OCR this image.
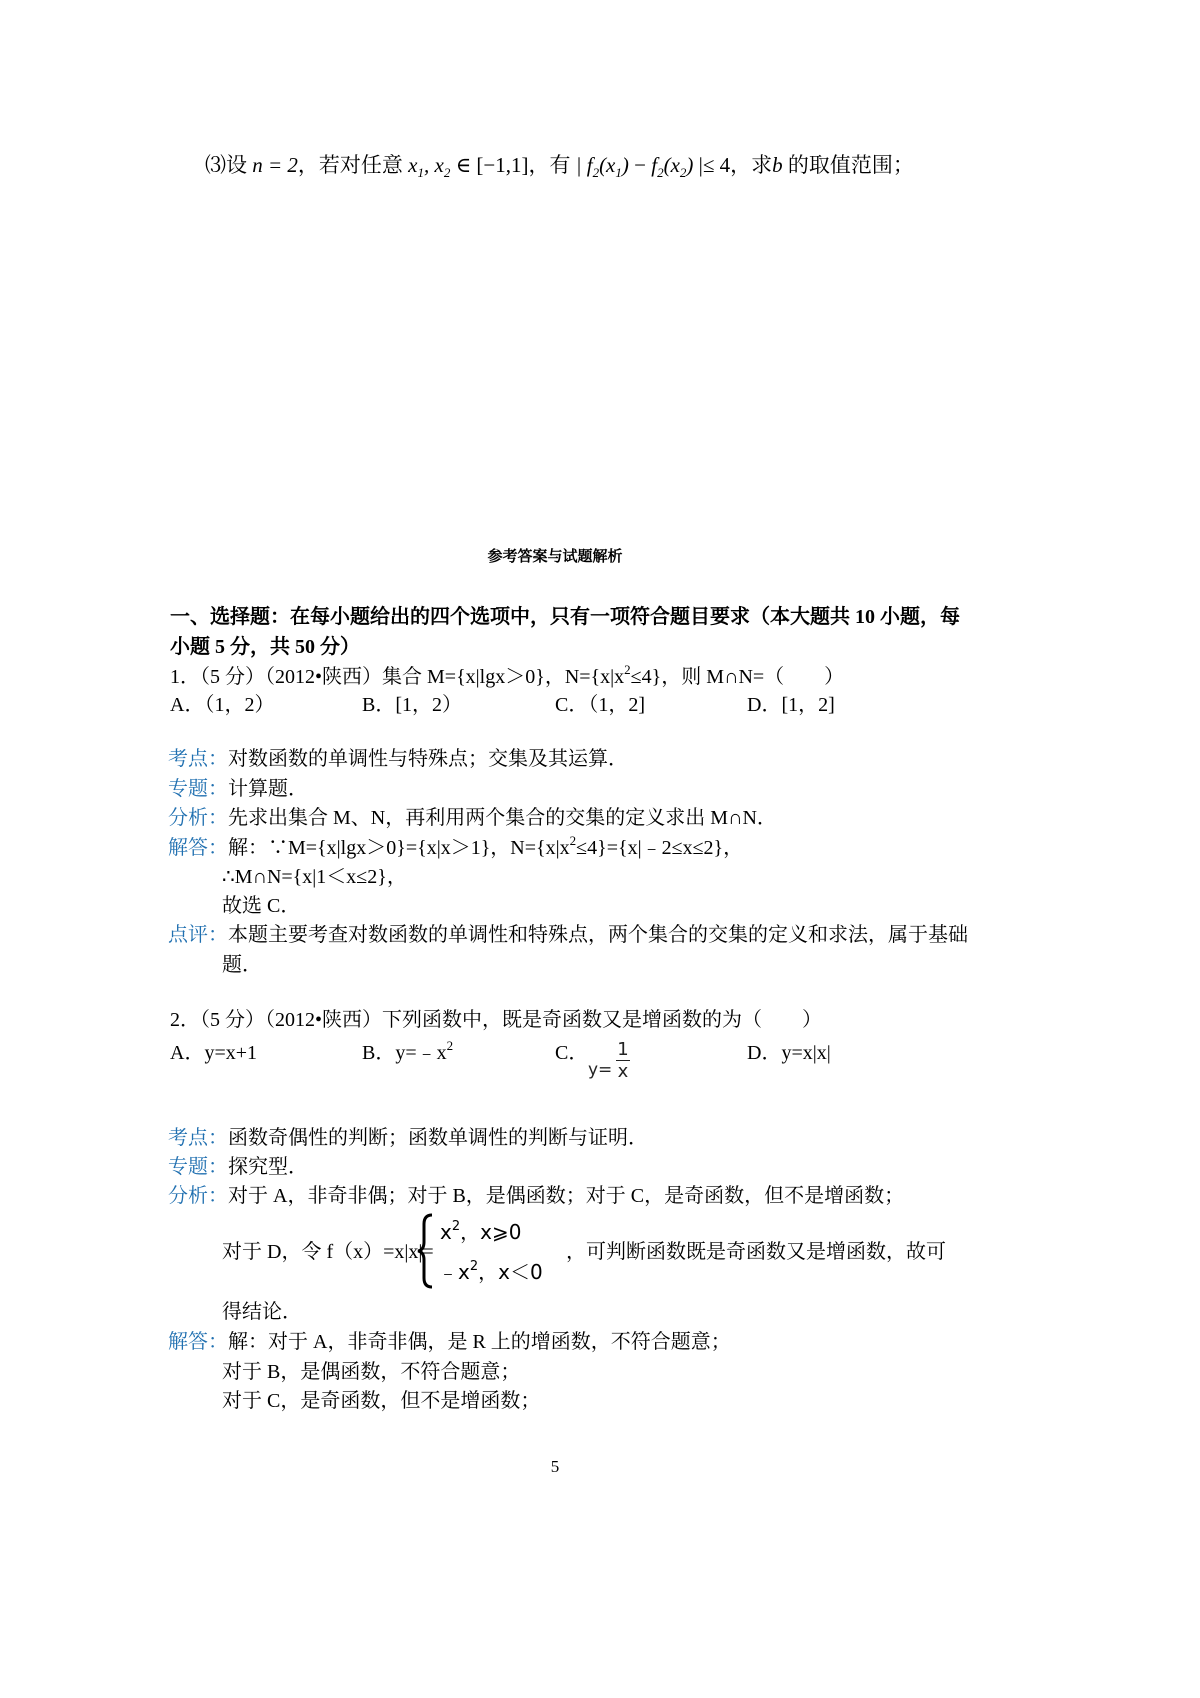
⑶设 n = 2，若对任意 $x_1$, $x_2$ ∈ [−1,1]，有 | $f_2(x_1) - f_2(x_2)$ |≤ 4，求b 的取值范围；
参考答案与试题解析
一、选择题：在每小题给出的四个选项中，只有一项符合题目要求（本大题共 10 小题，每
小题 5 分，共 50 分）
1．（5 分）（2012•陕西）集合 M={x|lgx＞0}，$N=\{x|x^2\le 4\}$，则 M∩N=（　　）
A．（1，2）	B．[1，2）	C．（1，2]	D．[1，2]
考点：对数函数的单调性与特殊点；交集及其运算．
专题：计算题．
分析：先求出集合 M、N，再利用两个集合的交集的定义求出 M∩N．
解答：解：∵M={x|lgx＞0}={x|x＞1}，$N=\{x|x^2\le 4\}=\{x|﹣2\le x\le 2\}$，
∴M∩N={x|1＜x≤2}，
故选 C．
点评：本题主要考查对数函数的单调性和特殊点，两个集合的交集的定义和求法，属于基础
题．
2．（5 分）（2012•陕西）下列函数中，既是奇函数又是增函数的为（　　）
A．y=x+1	B．$y=﹣x^2$	C．
$y= \frac{1}{x}$	D．y=x|x|
考点：函数奇偶性的判断；函数单调性的判断与证明．
专题：探究型．
分析：对于 A，非奇非偶；对于 B，是偶函数；对于 C，是奇函数，但不是增函数；
对于 D，令 f（x）=x|x|=
$x^2$，x⩾0
$﹣x^2$，x＜0
，可判断函数既是奇函数又是增函数，故可
得结论．
解答：解：对于 A，非奇非偶，是 R 上的增函数，不符合题意；
对于 B，是偶函数，不符合题意；
对于 C，是奇函数，但不是增函数；
5
